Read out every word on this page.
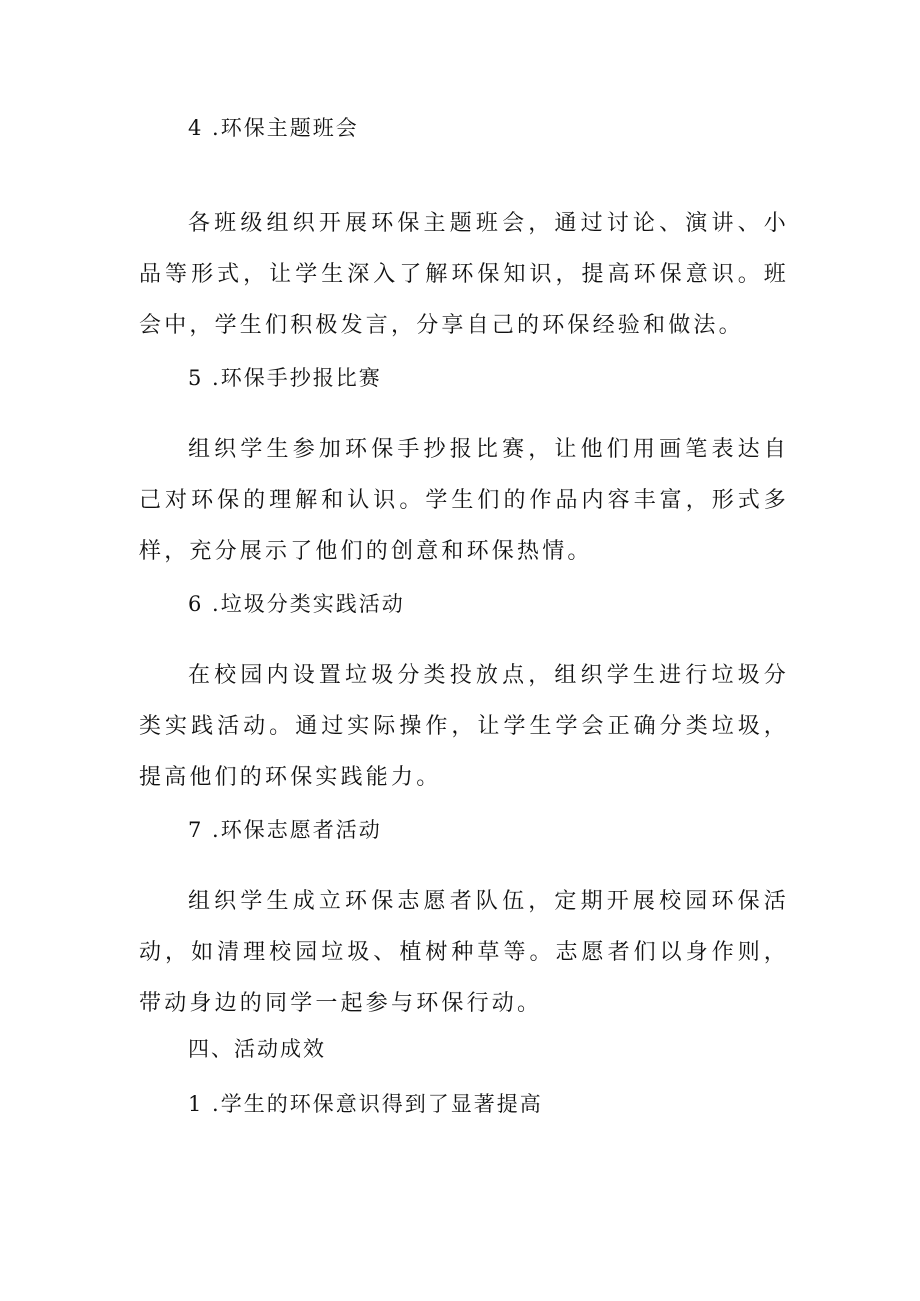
4 .环保主题班会
各班级组织开展环保主题班会，通过讨论、演讲、小品等形式，让学生深入了解环保知识，提高环保意识。班会中，学生们积极发言，分享自己的环保经验和做法。
5 .环保手抄报比赛
组织学生参加环保手抄报比赛，让他们用画笔表达自己对环保的理解和认识。学生们的作品内容丰富，形式多样，充分展示了他们的创意和环保热情。
6 .垃圾分类实践活动
在校园内设置垃圾分类投放点，组织学生进行垃圾分类实践活动。通过实际操作，让学生学会正确分类垃圾，提高他们的环保实践能力。
7 .环保志愿者活动
组织学生成立环保志愿者队伍，定期开展校园环保活动，如清理校园垃圾、植树种草等。志愿者们以身作则，带动身边的同学一起参与环保行动。
四、活动成效
1 .学生的环保意识得到了显著提高
